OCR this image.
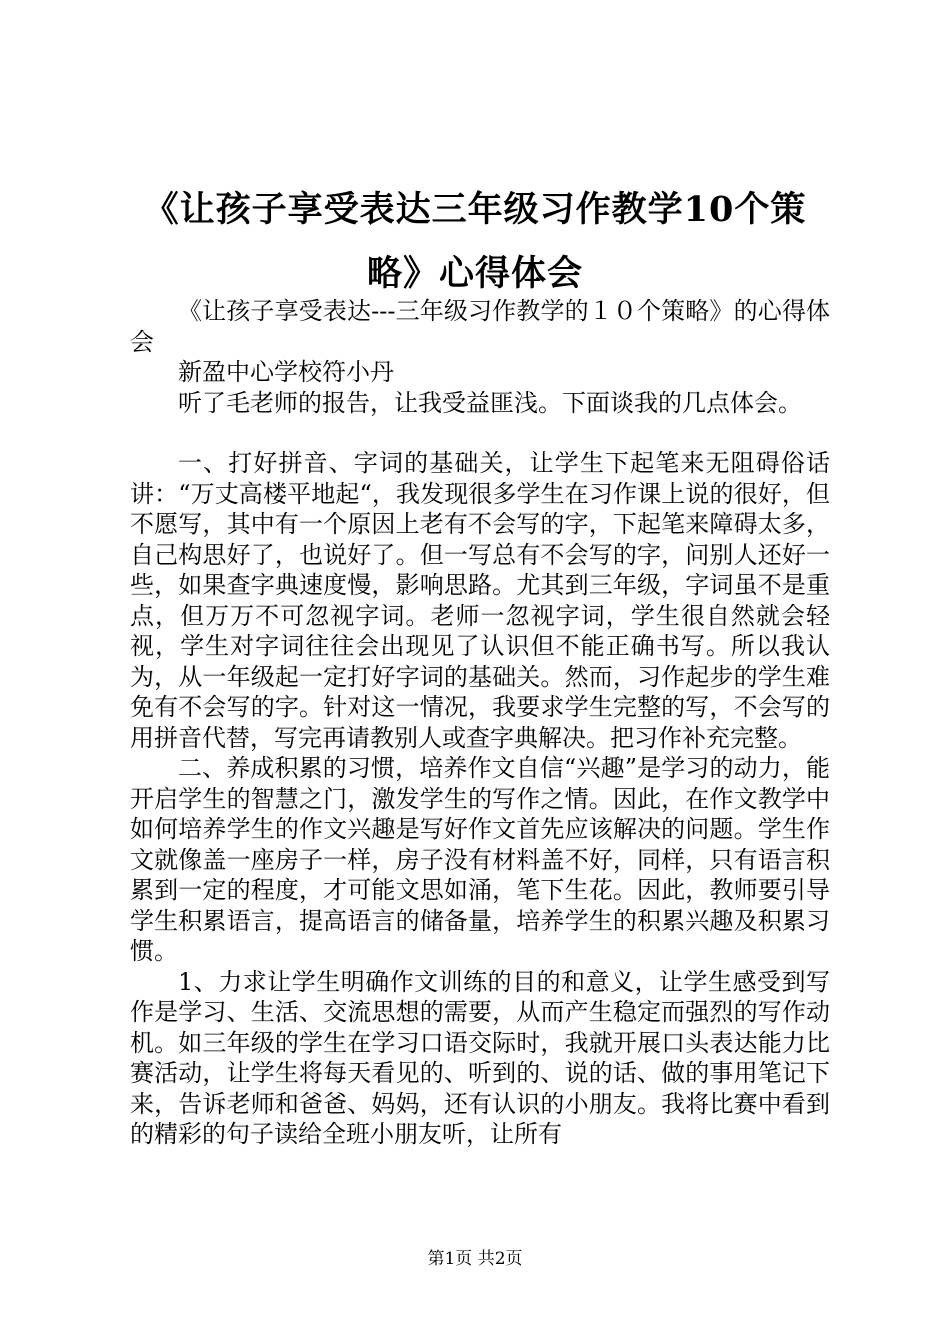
《让孩子享受表达三年级习作教学10个策
略》心得体会

《让孩子享受表达---三年级习作教学的１０个策略》的心得体会

新盈中心学校符小丹

听了毛老师的报告，让我受益匪浅。下面谈我的几点体会。

一、打好拼音、字词的基础关，让学生下起笔来无阻碍俗话讲：“万丈高楼平地起“，我发现很多学生在习作课上说的很好，但不愿写，其中有一个原因上老有不会写的字，下起笔来障碍太多，自己构思好了，也说好了。但一写总有不会写的字，问别人还好一些，如果查字典速度慢，影响思路。尤其到三年级，字词虽不是重点，但万万不可忽视字词。老师一忽视字词，学生很自然就会轻视，学生对字词往往会出现见了认识但不能正确书写。所以我认为，从一年级起一定打好字词的基础关。然而，习作起步的学生难免有不会写的字。针对这一情况，我要求学生完整的写，不会写的用拼音代替，写完再请教别人或查字典解决。把习作补充完整。

二、养成积累的习惯，培养作文自信“兴趣”是学习的动力，能开启学生的智慧之门，激发学生的写作之情。因此，在作文教学中如何培养学生的作文兴趣是写好作文首先应该解决的问题。学生作文就像盖一座房子一样，房子没有材料盖不好，同样，只有语言积累到一定的程度，才可能文思如涌，笔下生花。因此，教师要引导学生积累语言，提高语言的储备量，培养学生的积累兴趣及积累习惯。

1、力求让学生明确作文训练的目的和意义，让学生感受到写作是学习、生活、交流思想的需要，从而产生稳定而强烈的写作动机。如三年级的学生在学习口语交际时，我就开展口头表达能力比赛活动，让学生将每天看见的、听到的、说的话、做的事用笔记下来，告诉老师和爸爸、妈妈，还有认识的小朋友。我将比赛中看到的精彩的句子读给全班小朋友听，让所有

第1页 共2页
